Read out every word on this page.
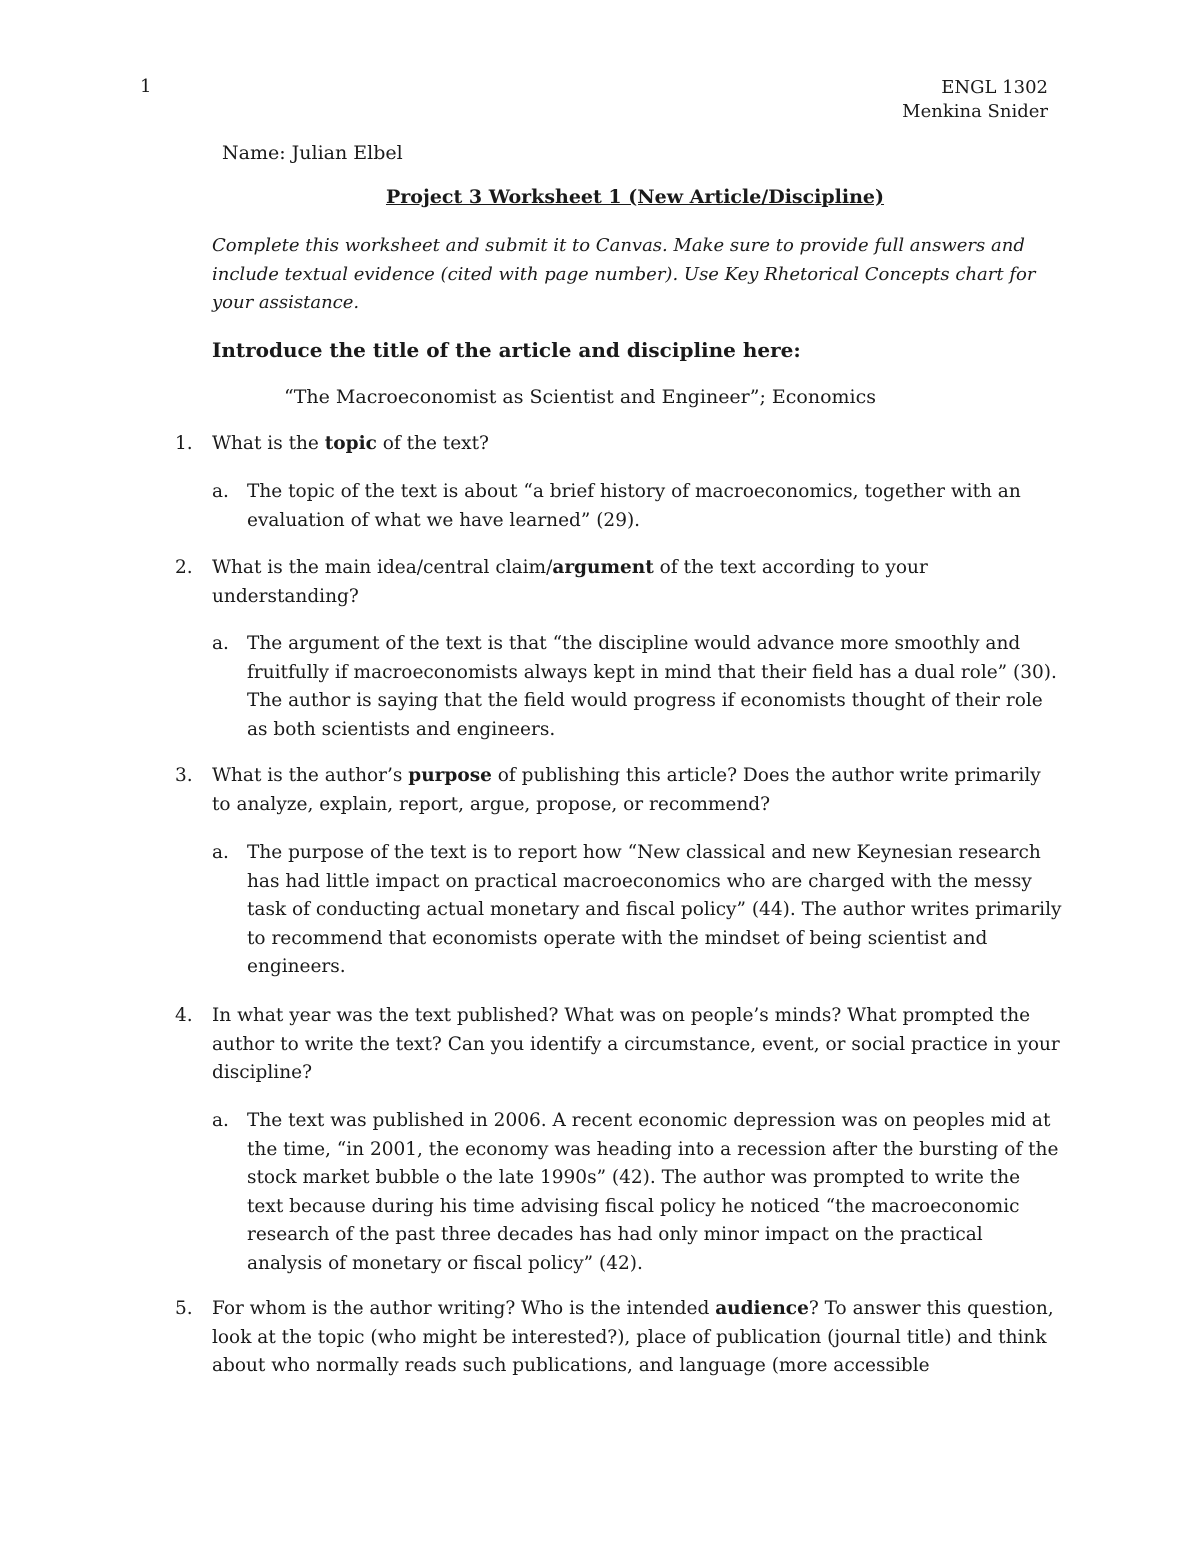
1	ENGL 1302
Menkina Snider
Name: Julian Elbel
Project 3 Worksheet 1 (New Article/Discipline)
Complete this worksheet and submit it to Canvas. Make sure to provide full answers and include textual evidence (cited with page number). Use Key Rhetorical Concepts chart for your assistance.
Introduce the title of the article and discipline here:
“The Macroeconomist as Scientist and Engineer”; Economics
1. What is the topic of the text?
a. The topic of the text is about “a brief history of macroeconomics, together with an evaluation of what we have learned” (29).
2. What is the main idea/central claim/argument of the text according to your understanding?
a. The argument of the text is that “the discipline would advance more smoothly and fruitfully if macroeconomists always kept in mind that their field has a dual role” (30). The author is saying that the field would progress if economists thought of their role as both scientists and engineers.
3. What is the author’s purpose of publishing this article? Does the author write primarily to analyze, explain, report, argue, propose, or recommend?
a. The purpose of the text is to report how “New classical and new Keynesian research has had little impact on practical macroeconomics who are charged with the messy task of conducting actual monetary and fiscal policy” (44). The author writes primarily to recommend that economists operate with the mindset of being scientist and engineers.
4. In what year was the text published? What was on people’s minds? What prompted the author to write the text? Can you identify a circumstance, event, or social practice in your discipline?
a. The text was published in 2006. A recent economic depression was on peoples mid at the time, “in 2001, the economy was heading into a recession after the bursting of the stock market bubble o the late 1990s” (42). The author was prompted to write the text because during his time advising fiscal policy he noticed “the macroeconomic research of the past three decades has had only minor impact on the practical analysis of monetary or fiscal policy” (42).
5. For whom is the author writing? Who is the intended audience? To answer this question, look at the topic (who might be interested?), place of publication (journal title) and think about who normally reads such publications, and language (more accessible
